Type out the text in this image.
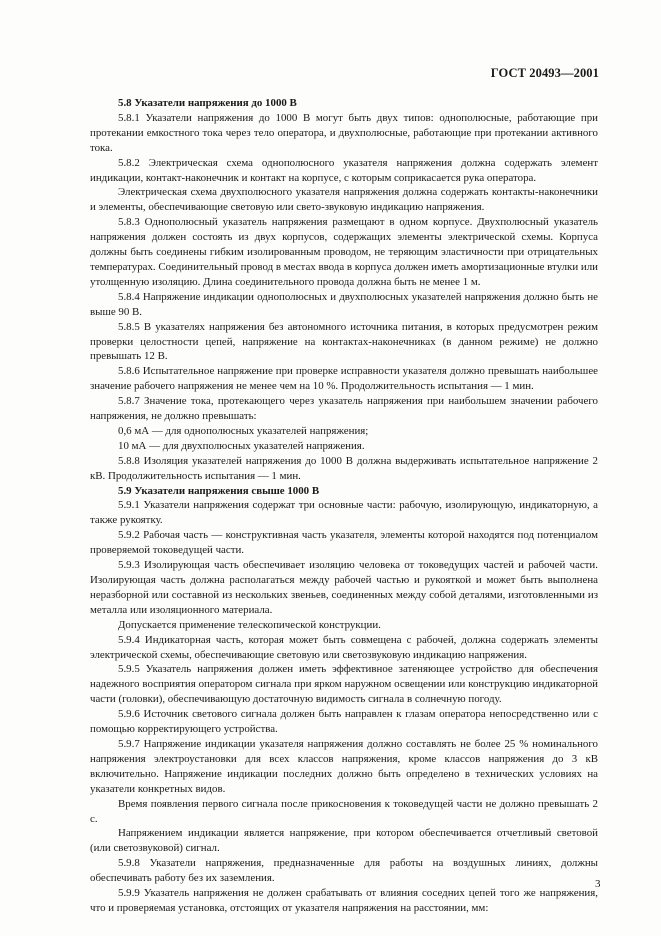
ГОСТ 20493—2001

5.8 Указатели напряжения до 1000 В

5.8.1 Указатели напряжения до 1000 В могут быть двух типов: однополюсные, работающие при протекании емкостного тока через тело оператора, и двухполюсные, работающие при протекании активного тока.

5.8.2 Электрическая схема однополюсного указателя напряжения должна содержать элемент индикации, контакт-наконечник и контакт на корпусе, с которым соприкасается рука оператора.

Электрическая схема двухполюсного указателя напряжения должна содержать контакты-наконечники и элементы, обеспечивающие световую или свето-звуковую индикацию напряжения.

5.8.3 Однополюсный указатель напряжения размещают в одном корпусе. Двухполюсный указатель напряжения должен состоять из двух корпусов, содержащих элементы электрической схемы. Корпуса должны быть соединены гибким изолированным проводом, не теряющим эластичности при отрицательных температурах. Соединительный провод в местах ввода в корпуса должен иметь амортизационные втулки или утолщенную изоляцию. Длина соединительного провода должна быть не менее 1 м.

5.8.4 Напряжение индикации однополюсных и двухполюсных указателей напряжения должно быть не выше 90 В.

5.8.5 В указателях напряжения без автономного источника питания, в которых предусмотрен режим проверки целостности цепей, напряжение на контактах-наконечниках (в данном режиме) не должно превышать 12 В.

5.8.6 Испытательное напряжение при проверке исправности указателя должно превышать наибольшее значение рабочего напряжения не менее чем на 10 %. Продолжительность испытания — 1 мин.

5.8.7 Значение тока, протекающего через указатель напряжения при наибольшем значении рабочего напряжения, не должно превышать:

0,6 мА — для однополюсных указателей напряжения;

10 мА — для двухполюсных указателей напряжения.

5.8.8 Изоляция указателей напряжения до 1000 В должна выдерживать испытательное напряжение 2 кВ. Продолжительность испытания — 1 мин.

5.9 Указатели напряжения свыше 1000 В

5.9.1 Указатели напряжения содержат три основные части: рабочую, изолирующую, индикаторную, а также рукоятку.

5.9.2 Рабочая часть — конструктивная часть указателя, элементы которой находятся под потенциалом проверяемой токоведущей части.

5.9.3 Изолирующая часть обеспечивает изоляцию человека от токоведущих частей и рабочей части. Изолирующая часть должна располагаться между рабочей частью и рукояткой и может быть выполнена неразборной или составной из нескольких звеньев, соединенных между собой деталями, изготовленными из металла или изоляционного материала.

Допускается применение телескопической конструкции.

5.9.4 Индикаторная часть, которая может быть совмещена с рабочей, должна содержать элементы электрической схемы, обеспечивающие световую или светозвуковую индикацию напряжения.

5.9.5 Указатель напряжения должен иметь эффективное затеняющее устройство для обеспечения надежного восприятия оператором сигнала при ярком наружном освещении или конструкцию индикаторной части (головки), обеспечивающую достаточную видимость сигнала в солнечную погоду.

5.9.6 Источник светового сигнала должен быть направлен к глазам оператора непосредственно или с помощью корректирующего устройства.

5.9.7 Напряжение индикации указателя напряжения должно составлять не более 25 % номинального напряжения электроустановки для всех классов напряжения, кроме классов напряжения до 3 кВ включительно. Напряжение индикации последних должно быть определено в технических условиях на указатели конкретных видов.

Время появления первого сигнала после прикосновения к токоведущей части не должно превышать 2 с.

Напряжением индикации является напряжение, при котором обеспечивается отчетливый световой (или светозвуковой) сигнал.

5.9.8 Указатели напряжения, предназначенные для работы на воздушных линиях, должны обеспечивать работу без их заземления.

5.9.9 Указатель напряжения не должен срабатывать от влияния соседних цепей того же напряжения, что и проверяемая установка, отстоящих от указателя напряжения на расстоянии, мм:

3
